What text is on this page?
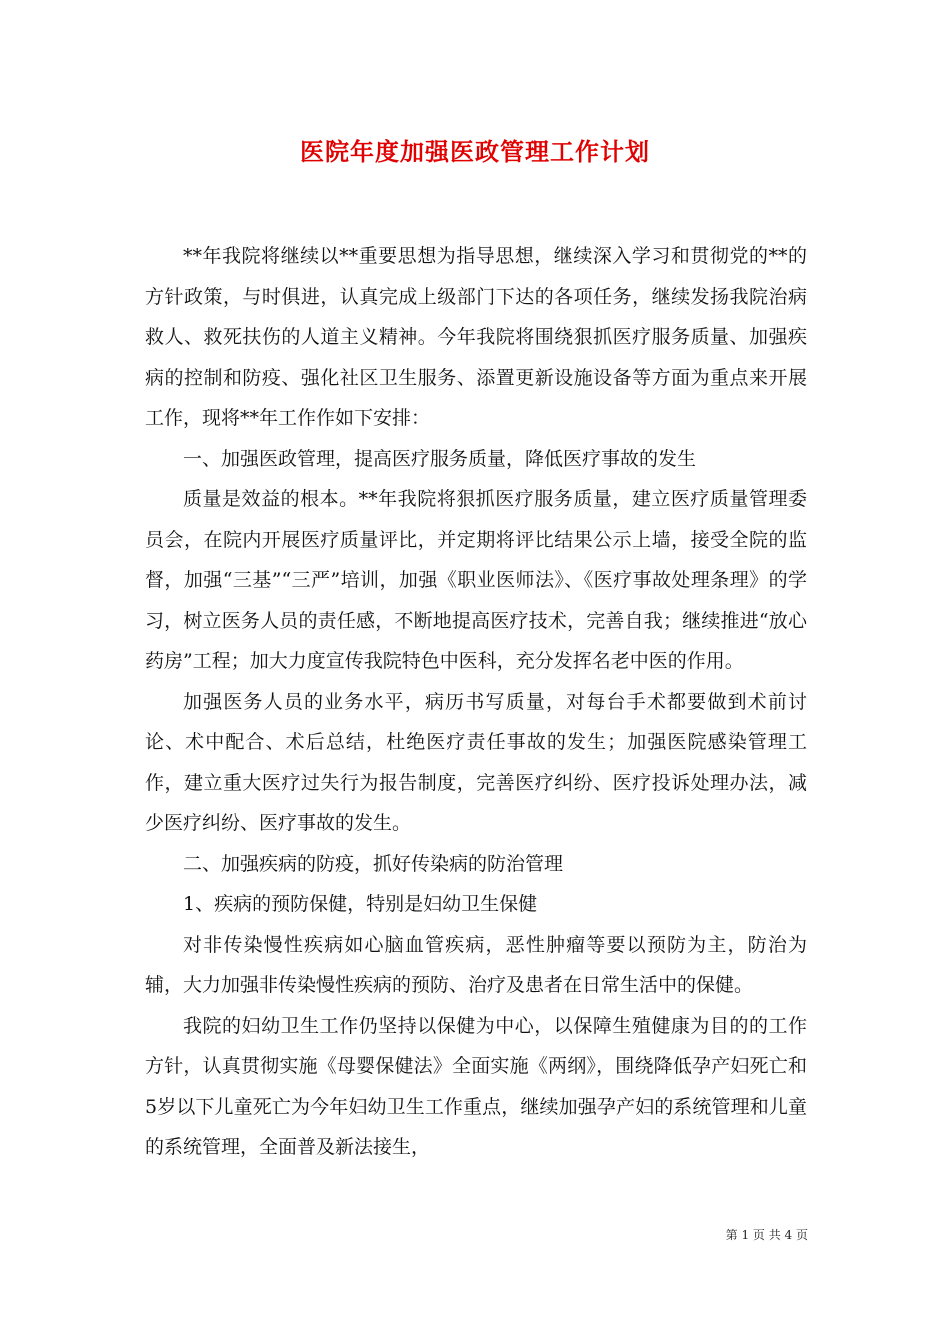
医院年度加强医政管理工作计划

**年我院将继续以**重要思想为指导思想，继续深入学习和贯彻党的**的方针政策，与时俱进，认真完成上级部门下达的各项任务，继续发扬我院治病救人、救死扶伤的人道主义精神。今年我院将围绕狠抓医疗服务质量、加强疾病的控制和防疫、强化社区卫生服务、添置更新设施设备等方面为重点来开展工作，现将**年工作作如下安排：

一、加强医政管理，提高医疗服务质量，降低医疗事故的发生

质量是效益的根本。**年我院将狠抓医疗服务质量，建立医疗质量管理委员会，在院内开展医疗质量评比，并定期将评比结果公示上墙，接受全院的监督，加强“三基”“三严”培训，加强《职业医师法》、《医疗事故处理条理》的学习，树立医务人员的责任感，不断地提高医疗技术，完善自我；继续推进“放心药房”工程；加大力度宣传我院特色中医科，充分发挥名老中医的作用。

加强医务人员的业务水平，病历书写质量，对每台手术都要做到术前讨论、术中配合、术后总结，杜绝医疗责任事故的发生；加强医院感染管理工作，建立重大医疗过失行为报告制度，完善医疗纠纷、医疗投诉处理办法，减少医疗纠纷、医疗事故的发生。

二、加强疾病的防疫，抓好传染病的防治管理

1、疾病的预防保健，特别是妇幼卫生保健

对非传染慢性疾病如心脑血管疾病，恶性肿瘤等要以预防为主，防治为辅，大力加强非传染慢性疾病的预防、治疗及患者在日常生活中的保健。

我院的妇幼卫生工作仍坚持以保健为中心，以保障生殖健康为目的的工作方针，认真贯彻实施《母婴保健法》全面实施《两纲》，围绕降低孕产妇死亡和5岁以下儿童死亡为今年妇幼卫生工作重点，继续加强孕产妇的系统管理和儿童的系统管理，全面普及新法接生，

第 1 页 共 4 页
